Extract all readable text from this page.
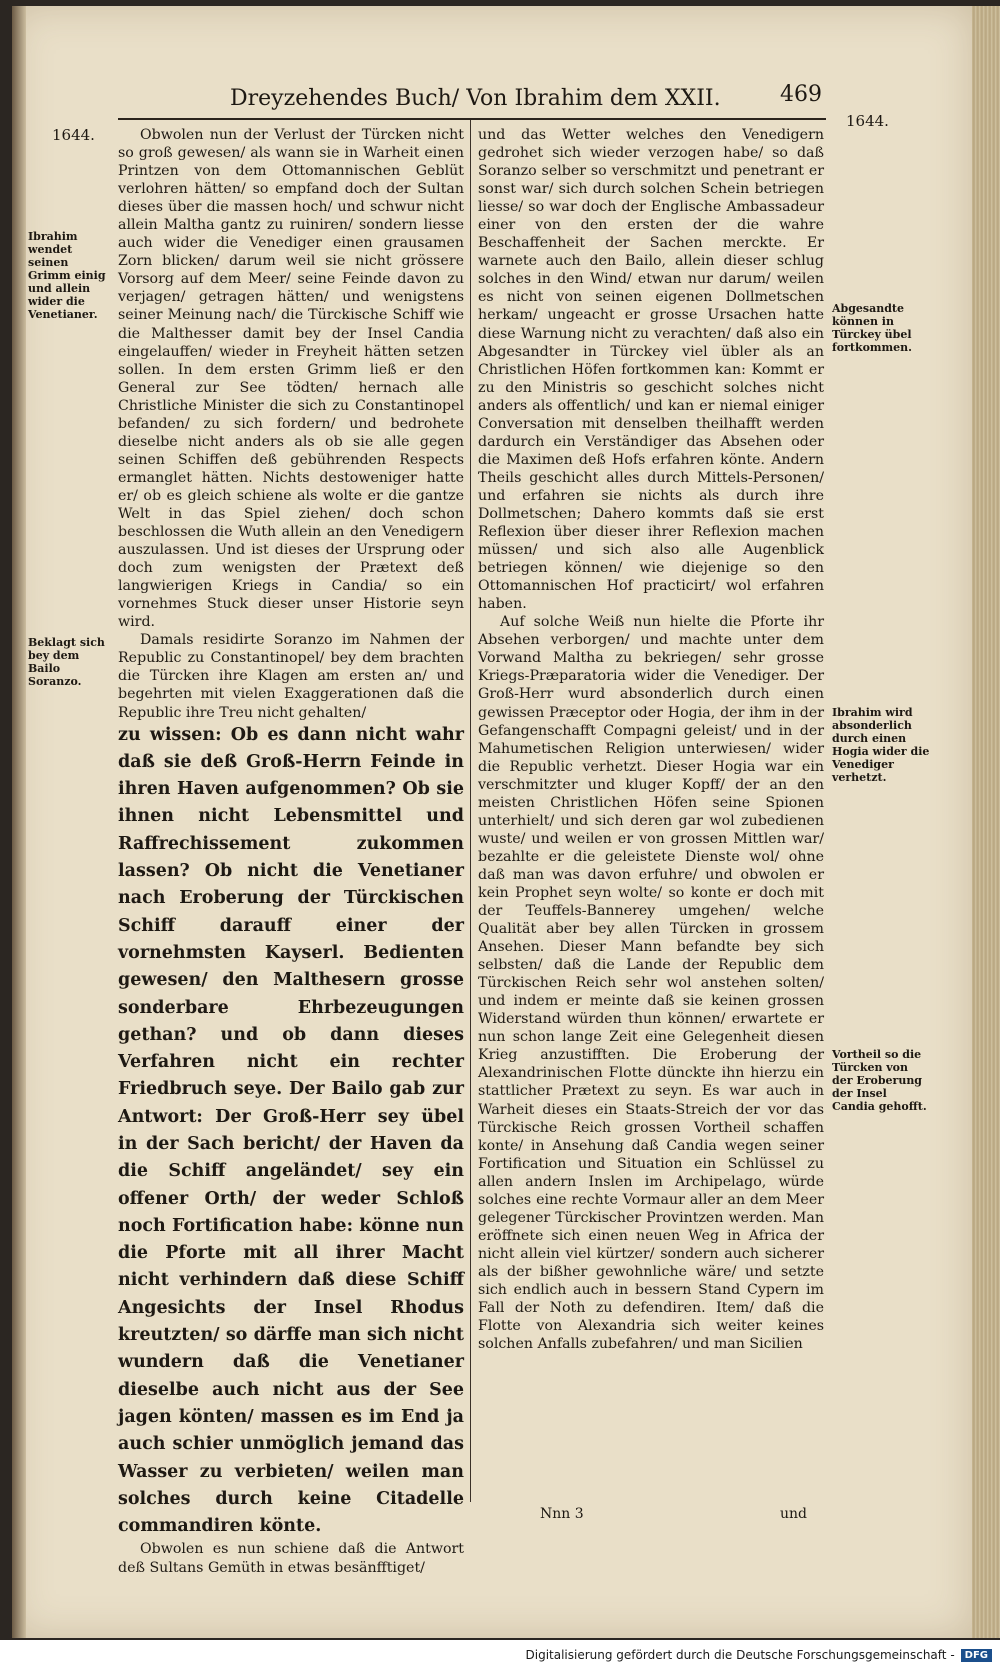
Dreyzehendes Buch/ Von Ibrahim dem XXII.	469
1644.
1644.
Ibrahim wendet seinen Grimm einig und allein wider die Venetianer.
Beklagt sich bey dem Bailo Soranzo.
Abgesandte können in Türckey übel fortkommen.
Ibrahim wird absonderlich durch einen Hogia wider die Venediger verhetzt.
Vortheil so die Türcken von der Eroberung der Insel Candia gehofft.

Obwolen nun der Verlust der Türcken nicht so groß gewesen/ als wann sie in Warheit einen Printzen von dem Ottomannischen Geblüt verlohren hätten/ so empfand doch der Sultan dieses über die massen hoch/ und schwur nicht allein Maltha gantz zu ruiniren/ sondern liesse auch wider die Venediger einen grausamen Zorn blicken/ darum weil sie nicht grössere Vorsorg auf dem Meer/ seine Feinde davon zu verjagen/ getragen hätten/ und wenigstens seiner Meinung nach/ die Türckische Schiff wie die Malthesser damit bey der Insel Candia eingelauffen/ wieder in Freyheit hätten setzen sollen. In dem ersten Grimm ließ er den General zur See tödten/ hernach alle Christliche Minister die sich zu Constantinopel befanden/ zu sich fordern/ und bedrohete dieselbe nicht anders als ob sie alle gegen seinen Schiffen deß gebührenden Respects ermanglet hätten. Nichts destoweniger hatte er/ ob es gleich schiene als wolte er die gantze Welt in das Spiel ziehen/ doch schon beschlossen die Wuth allein an den Venedigern auszulassen. Und ist dieses der Ursprung oder doch zum wenigsten der Prætext deß langwierigen Kriegs in Candia/ so ein vornehmes Stuck dieser unser Historie seyn wird.

Damals residirte Soranzo im Nahmen der Republic zu Constantinopel/ bey dem brachten die Türcken ihre Klagen am ersten an/ und begehrten mit vielen Exaggerationen daß die Republic ihre Treu nicht gehalten/

zu wissen: Ob es dann nicht wahr daß sie deß Groß-Herrn Feinde in ihren Haven aufgenommen? Ob sie ihnen nicht Lebensmittel und Raffrechissement zukommen lassen? Ob nicht die Venetianer nach Eroberung der Türckischen Schiff darauff einer der vornehmsten Kayserl. Bedienten gewesen/ den Malthesern grosse sonderbare Ehrbezeugungen gethan? und ob dann dieses Verfahren nicht ein rechter Friedbruch seye. Der Bailo gab zur Antwort: Der Groß-Herr sey übel in der Sach bericht/ der Haven da die Schiff angeländet/ sey ein offener Orth/ der weder Schloß noch Fortification habe: könne nun die Pforte mit all ihrer Macht nicht verhindern daß diese Schiff Angesichts der Insel Rhodus kreutzten/ so därffe man sich nicht wundern daß die Venetianer dieselbe auch nicht aus der See jagen könten/ massen es im End ja auch schier unmöglich jemand das Wasser zu verbieten/ weilen man solches durch keine Citadelle commandiren könte.

Obwolen es nun schiene daß die Antwort deß Sultans Gemüth in etwas besänfftiget/

und das Wetter welches den Venedigern gedrohet sich wieder verzogen habe/ so daß Soranzo selber so verschmitzt und penetrant er sonst war/ sich durch solchen Schein betriegen liesse/ so war doch der Englische Ambassadeur einer von den ersten der die wahre Beschaffenheit der Sachen merckte. Er warnete auch den Bailo, allein dieser schlug solches in den Wind/ etwan nur darum/ weilen es nicht von seinen eigenen Dollmetschen herkam/ ungeacht er grosse Ursachen hatte diese Warnung nicht zu verachten/ daß also ein Abgesandter in Türckey viel übler als an Christlichen Höfen fortkommen kan: Kommt er zu den Ministris so geschicht solches nicht anders als offentlich/ und kan er niemal einiger Conversation mit denselben theilhafft werden dardurch ein Verständiger das Absehen oder die Maximen deß Hofs erfahren könte. Andern Theils geschicht alles durch Mittels-Personen/ und erfahren sie nichts als durch ihre Dollmetschen; Dahero kommts daß sie erst Reflexion über dieser ihrer Reflexion machen müssen/ und sich also alle Augenblick betriegen können/ wie diejenige so den Ottomannischen Hof practicirt/ wol erfahren haben.

Auf solche Weiß nun hielte die Pforte ihr Absehen verborgen/ und machte unter dem Vorwand Maltha zu bekriegen/ sehr grosse Kriegs-Præparatoria wider die Venediger. Der Groß-Herr wurd absonderlich durch einen gewissen Præceptor oder Hogia, der ihm in der Gefangenschafft Compagni geleist/ und in der Mahumetischen Religion unterwiesen/ wider die Republic verhetzt. Dieser Hogia war ein verschmitzter und kluger Kopff/ der an den meisten Christlichen Höfen seine Spionen unterhielt/ und sich deren gar wol zubedienen wuste/ und weilen er von grossen Mittlen war/ bezahlte er die geleistete Dienste wol/ ohne daß man was davon erfuhre/ und obwolen er kein Prophet seyn wolte/ so konte er doch mit der Teuffels-Bannerey umgehen/ welche Qualität aber bey allen Türcken in grossem Ansehen. Dieser Mann befandte bey sich selbsten/ daß die Lande der Republic dem Türckischen Reich sehr wol anstehen solten/ und indem er meinte daß sie keinen grossen Widerstand würden thun können/ erwartete er nun schon lange Zeit eine Gelegenheit diesen Krieg anzustifften. Die Eroberung der Alexandrinischen Flotte dünckte ihn hierzu ein stattlicher Prætext zu seyn. Es war auch in Warheit dieses ein Staats-Streich der vor das Türckische Reich grossen Vortheil schaffen konte/ in Ansehung daß Candia wegen seiner Fortification und Situation ein Schlüssel zu allen andern Inslen im Archipelago, würde solches eine rechte Vormaur aller an dem Meer gelegener Türckischer Provintzen werden. Man eröffnete sich einen neuen Weg in Africa der nicht allein viel kürtzer/ sondern auch sicherer als der bißher gewohnliche wäre/ und setzte sich endlich auch in bessern Stand Cypern im Fall der Noth zu defendiren. Item/ daß die Flotte von Alexandria sich weiter keines solchen Anfalls zubefahren/ und man Sicilien

Nnn 3	und
Digitalisierung gefördert durch die Deutsche Forschungsgemeinschaft -	DFG
